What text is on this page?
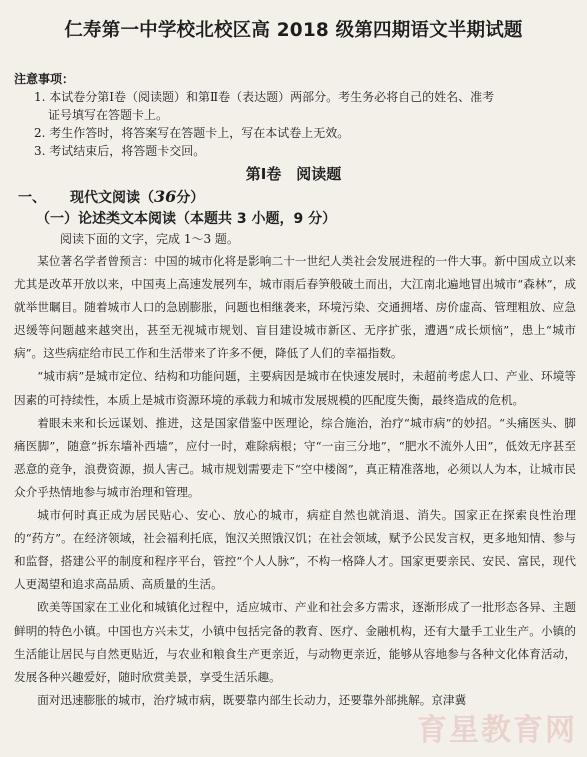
仁寿第一中学校北校区高 2018 级第四期语文半期试题
注意事项：
1. 本试卷分第Ⅰ卷（阅读题）和第Ⅱ卷（表达题）两部分。考生务必将自己的姓名、准考
证号填写在答题卡上。
2. 考生作答时，将答案写在答题卡上，写在本试卷上无效。
3. 考试结束后，将答题卡交回。
第Ⅰ卷　阅读题
一、 现代文阅读（36分）
（一）论述类文本阅读（本题共 3 小题，9 分）
阅读下面的文字，完成 1～3 题。

某位著名学者曾预言：中国的城市化将是影响二十一世纪人类社会发展进程的一件大事。新中国成立以来尤其是改革开放以来，中国夷上高速发展列车，城市雨后春笋般破土而出，大江南北遍地冒出城市“森林”，成就举世瞩目。随着城市人口的急剧膨胀，问题也相继袭来，环境污染、交通拥堵、房价虚高、管理粗放、应急迟缓等问题越来越突出，甚至无视城市规划、盲目建设城市新区、无序扩张，遭遇“成长烦恼”，患上“城市病”。这些病症给市民工作和生活带来了许多不便，降低了人们的幸福指数。

“城市病”是城市定位、结构和功能问题，主要病因是城市在快速发展时，未超前考虑人口、产业、环境等因素的可持续性，本质上是城市资源环境的承载力和城市发展规模的匹配度失衡，最终造成的危机。

着眼未来和长远谋划、推进，这是国家借鉴中医理论，综合施治，治疗“城市病”的妙招。“头痛医头、脚痛医脚”，随意“拆东墙补西墙”，应付一时，难除病根；守“一亩三分地”，“肥水不流外人田”，低效无序甚至恶意的竞争，浪费资源，损人害己。城市规划需要走下“空中楼阁”，真正精准落地，必须以人为本，让城市民众介乎热情地参与城市治理和管理。

城市何时真正成为居民贴心、安心、放心的城市，病症自然也就消退、消失。国家正在探索良性治理的“药方”。在经济领域，社会福利托底，饱汉关照饿汉饥；在社会领域，赋予公民发言权，更多地知情、参与和监督，搭建公平的制度和程序平台，管控“个人人脉”，不构一格降人才。国家更要亲民、安民、富民，现代人更渴望和追求高品质、高质量的生活。

欧美等国家在工业化和城镇化过程中，适应城市、产业和社会多方需求，逐渐形成了一批形态各异、主题鲜明的特色小镇。中国也方兴未艾，小镇中包括完备的教育、医疗、金融机构，还有大量手工业生产。小镇的生活能让居民与自然更贴近，与农业和粮食生产更亲近，与动物更亲近，能够从容地参与各种文化体育活动，发展各种兴趣爱好，随时欣赏美景，享受生活乐趣。

面对迅速膨胀的城市，治疗城市病，既要靠内部生长动力，还要靠外部挑解。京津冀

育星教育网
